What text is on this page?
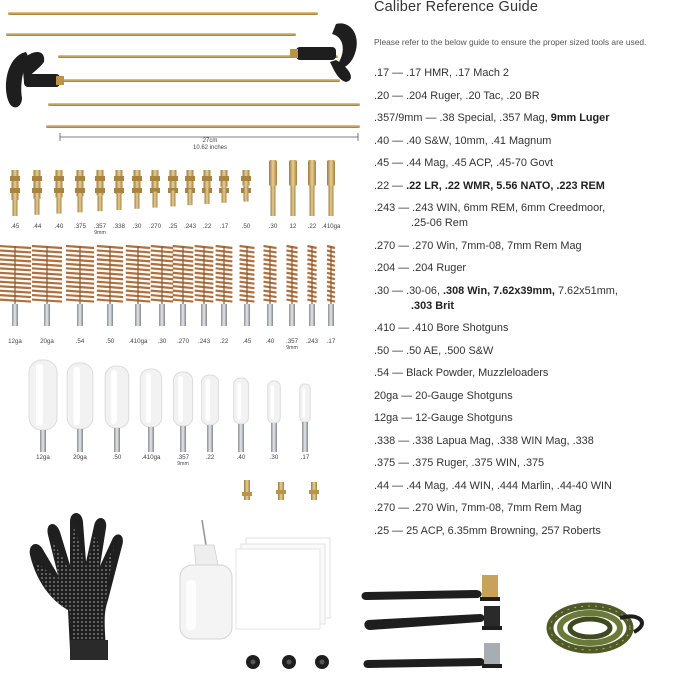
27cm
10.62 inches
.45	.44	.40	.375	.357
9mm
.338	.30	.270	.25	.243	.22	.17	.50	.30	12	.22 .410ga
12ga	20ga	.54	.50	.410ga	.30	.270	.243	.22	.45	.40	.357
9mm
.243	.17
12ga	20ga	.50	.410ga	.357
9mm
.22	.40	.30	.17
Caliber Reference Guide
Please refer to the below guide to ensure the proper sized tools are used.
.17 — .17 HMR, .17 Mach 2
.20 — .204 Ruger, .20 Tac, .20 BR
.357/9mm — .38 Special, .357 Mag, 9mm Luger
.40 — .40 S&W, 10mm, .41 Magnum
.45 — .44 Mag, .45 ACP, .45-70 Govt
.22 — .22 LR, .22 WMR, 5.56 NATO, .223 REM
.243 — .243 WIN, 6mm REM, 6mm Creedmoor,
.25-06 Rem
.270 — .270 Win, 7mm-08, 7mm Rem Mag
.204 — .204 Ruger
.30 — .30-06, .308 Win, 7.62x39mm, 7.62x51mm,
.303 Brit
.410 — .410 Bore Shotguns
.50 — .50 AE, .500 S&W
.54 — Black Powder, Muzzleloaders
20ga — 20-Gauge Shotguns
12ga — 12-Gauge Shotguns
.338 — .338 Lapua Mag, .338 WIN Mag, .338
.375 — .375 Ruger, .375 WIN, .375
.44 — .44 Mag, .44 WIN, .444 Marlin, .44-40 WIN
.270 — .270 Win, 7mm-08, 7mm Rem Mag
.25 — 25 ACP, 6.35mm Browning, 257 Roberts
